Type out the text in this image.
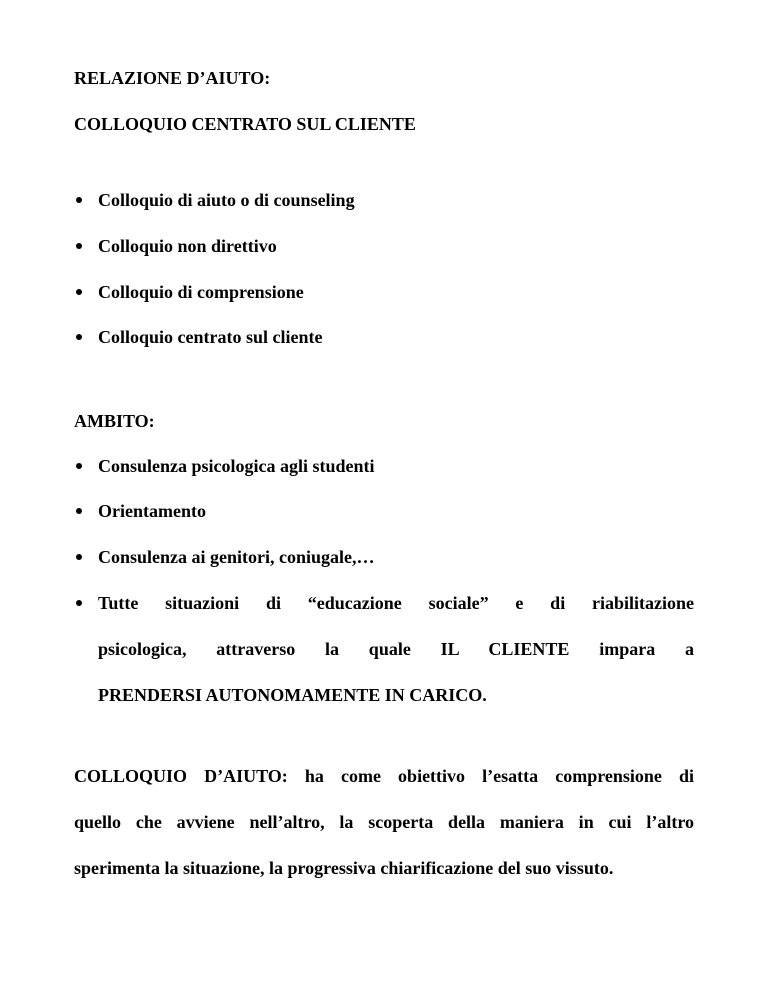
RELAZIONE D’AIUTO:
COLLOQUIO CENTRATO SUL CLIENTE
Colloquio di aiuto o di counseling
Colloquio non direttivo
Colloquio di comprensione
Colloquio centrato sul cliente
AMBITO:
Consulenza psicologica agli studenti
Orientamento
Consulenza ai genitori, coniugale,…
Tutte situazioni di “educazione sociale” e di riabilitazione
psicologica, attraverso la quale IL CLIENTE impara a
PRENDERSI AUTONOMAMENTE IN CARICO.
COLLOQUIO D’AIUTO: ha come obiettivo l’esatta comprensione di
quello che avviene nell’altro, la scoperta della maniera in cui l’altro
sperimenta la situazione, la progressiva chiarificazione del suo vissuto.
